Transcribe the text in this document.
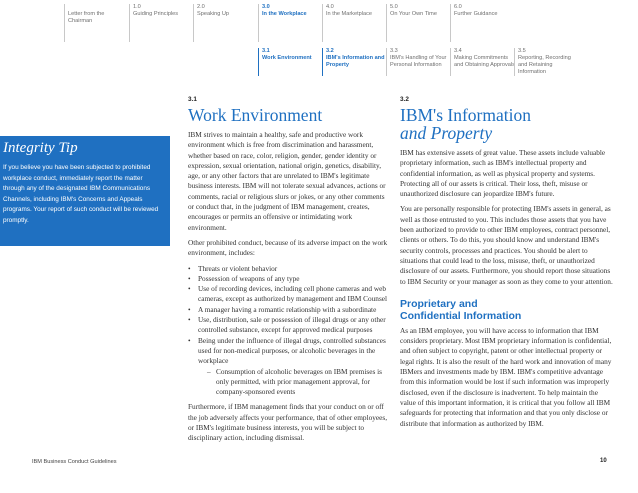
Letter from the Chairman
1.0
Guiding Principles
2.0
Speaking Up
3.0
In the Workplace
4.0
In the Marketplace
5.0
On Your Own Time
6.0
Further Guidance
3.1
Work Environment
3.2
IBM's Information and Property
3.3
IBM's Handling of Your Personal Information
3.4
Making Commitments and Obtaining Approvals
3.5
Reporting, Recording and Retaining Information
Integrity Tip
If you believe you have been subjected to prohibited workplace conduct, immediately report the matter through any of the designated IBM Communications Channels, including IBM's Concerns and Appeals programs. Your report of such conduct will be reviewed promptly.
3.1
Work Environment

IBM strives to maintain a healthy, safe and productive work environment which is free from discrimination and harassment, whether based on race, color, religion, gender, gender identity or expression, sexual orientation, national origin, genetics, disability, age, or any other factors that are unrelated to IBM's legitimate business interests. IBM will not tolerate sexual advances, actions or comments, racial or religious slurs or jokes, or any other comments or conduct that, in the judgment of IBM management, creates, encourages or permits an offensive or intimidating work environment.

Other prohibited conduct, because of its adverse impact on the work environment, includes:

• Threats or violent behavior
• Possession of weapons of any type
• Use of recording devices, including cell phone cameras and web cameras, except as authorized by management and IBM Counsel
• A manager having a romantic relationship with a subordinate
• Use, distribution, sale or possession of illegal drugs or any other controlled substance, except for approved medical purposes
• Being under the influence of illegal drugs, controlled substances used for non-medical purposes, or alcoholic beverages in the workplace
– Consumption of alcoholic beverages on IBM premises is only permitted, with prior management approval, for company-sponsored events

Furthermore, if IBM management finds that your conduct on or off the job adversely affects your performance, that of other employees, or IBM's legitimate business interests, you will be subject to disciplinary action, including dismissal.

3.2
IBM's Information
and Property

IBM has extensive assets of great value. These assets include valuable proprietary information, such as IBM's intellectual property and confidential information, as well as physical property and systems. Protecting all of our assets is critical. Their loss, theft, misuse or unauthorized disclosure can jeopardize IBM's future.

You are personally responsible for protecting IBM's assets in general, as well as those entrusted to you. This includes those assets that you have been authorized to provide to other IBM employees, contract personnel, clients or others. To do this, you should know and understand IBM's security controls, processes and practices. You should be alert to situations that could lead to the loss, misuse, theft, or unauthorized disclosure of our assets. Furthermore, you should report those situations to IBM Security or your manager as soon as they come to your attention.

Proprietary and
Confidential Information

As an IBM employee, you will have access to information that IBM considers proprietary. Most IBM proprietary information is confidential, and often subject to copyright, patent or other intellectual property or legal rights. It is also the result of the hard work and innovation of many IBMers and investments made by IBM. IBM's competitive advantage from this information would be lost if such information was improperly disclosed, even if the disclosure is inadvertent. To help maintain the value of this important information, it is critical that you follow all IBM safeguards for protecting that information and that you only disclose or distribute that information as authorized by IBM.

IBM Business Conduct Guidelines	10
